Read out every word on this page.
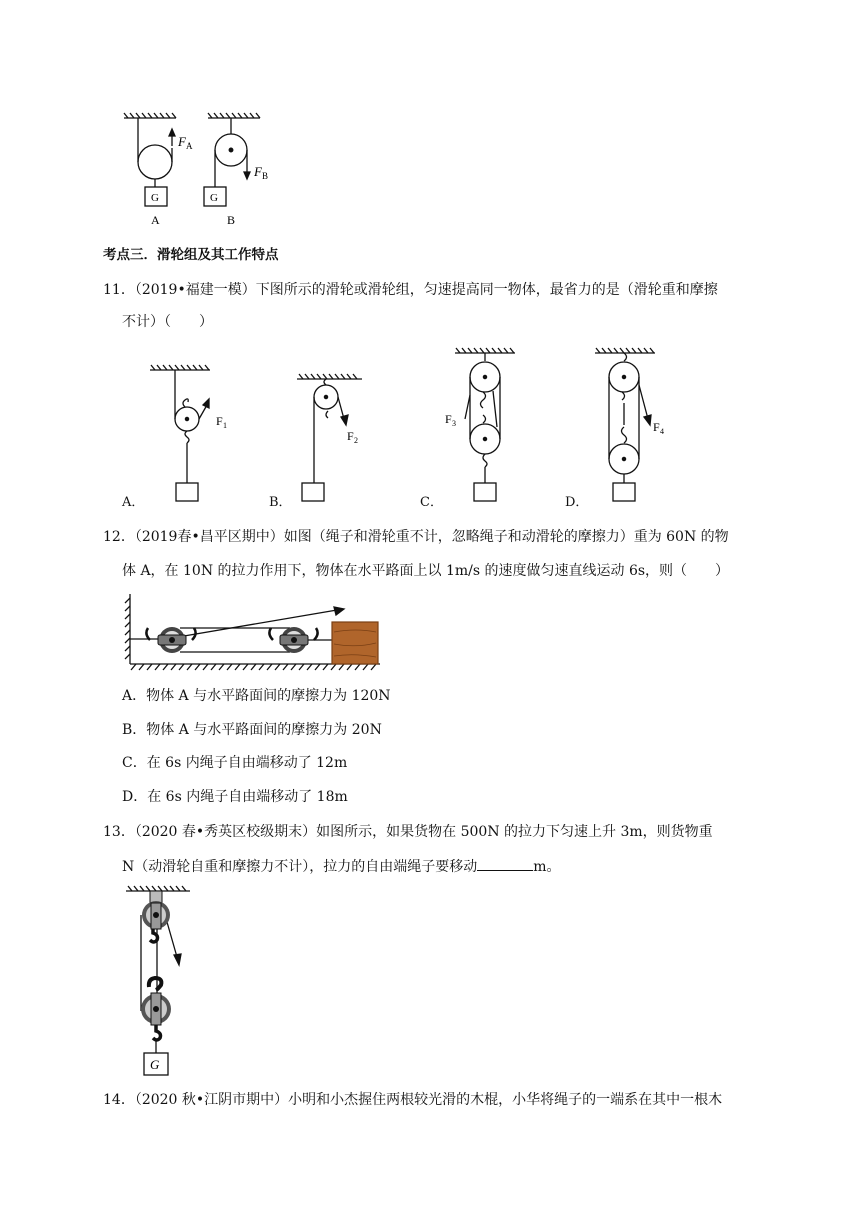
F A
F B
G	G
A	B
考点三．滑轮组及其工作特点
11．（2019•福建一模）下图所示的滑轮或滑轮组，匀速提高同一物体，最省力的是（滑轮重和摩擦
不计）（　　）
F 1
F 2
F 3	F 4
A．	B．	C．	D．
12．（2019春•昌平区期中）如图（绳子和滑轮重不计，忽略绳子和动滑轮的摩擦力）重为 60N 的物
体 A，在 10N 的拉力作用下，物体在水平路面上以 1m/s 的速度做匀速直线运动 6s，则（　　）
A．物体 A 与水平路面间的摩擦力为 120N
B．物体 A 与水平路面间的摩擦力为 20N
C．在 6s 内绳子自由端移动了 12m
D．在 6s 内绳子自由端移动了 18m
13．（2020 春•秀英区校级期末）如图所示，如果货物在 500N 的拉力下匀速上升 3m，则货物重
N（动滑轮自重和摩擦力不计），拉力的自由端绳子要移动	m。
G
14．（2020 秋•江阴市期中）小明和小杰握住两根较光滑的木棍，小华将绳子的一端系在其中一根木
